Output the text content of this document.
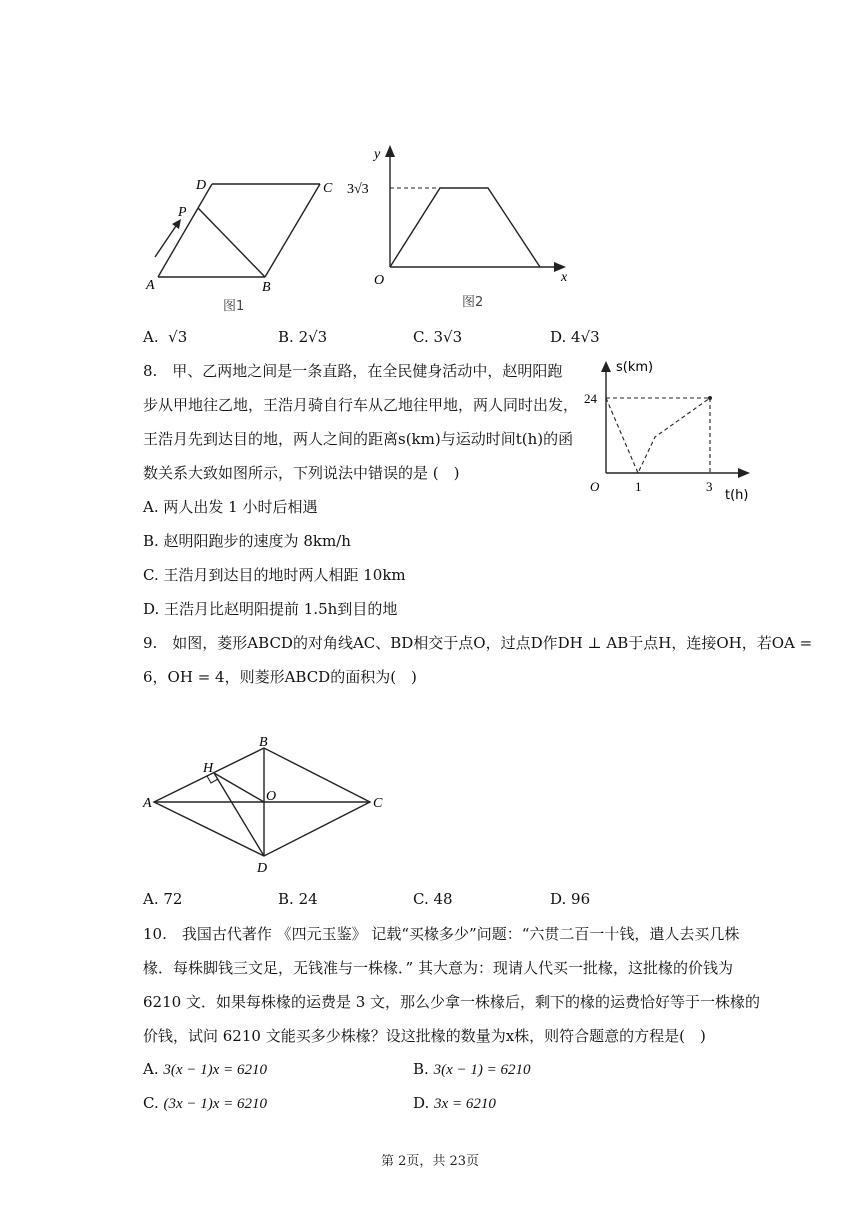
D	C
P
A	B
图1
y
x
O
3√3
图2
A. √3	B. 2√3	C. 3√3	D. 4√3
8.　甲、乙两地之间是一条直路，在全民健身活动中，赵明阳跑
步从甲地往乙地，王浩月骑自行车从乙地往甲地，两人同时出发，
王浩月先到达目的地，两人之间的距离s(km)与运动时间t(h)的函
数关系大致如图所示，下列说法中错误的是 (　)
s(km)
t(h)
O
24
1	3
A. 两人出发 1 小时后相遇
B. 赵明阳跑步的速度为 8km/h
C. 王浩月到达目的地时两人相距 10km
D. 王浩月比赵明阳提前 1.5h到目的地
9.　如图，菱形ABCD的对角线AC、BD相交于点O，过点D作DH ⊥ AB于点H，连接OH，若OA =
6，OH = 4，则菱形ABCD的面积为(　)
A
B
C
D
H
O
A. 72	B. 24	C. 48	D. 96
10.　我国古代著作 《四元玉鉴》 记载“买椽多少”问题：“六贯二百一十钱，遣人去买几株
椽．每株脚钱三文足，无钱准与一株椽．” 其大意为：现请人代买一批椽，这批椽的价钱为
6210 文．如果每株椽的运费是 3 文，那么少拿一株椽后，剩下的椽的运费恰好等于一株椽的
价钱，试问 6210 文能买多少株椽？设这批椽的数量为x株，则符合题意的方程是(　)
A. 3(x − 1)x = 6210	B. 3(x − 1) = 6210
C. (3x − 1)x = 6210	D. 3x = 6210
第 2页，共 23页
